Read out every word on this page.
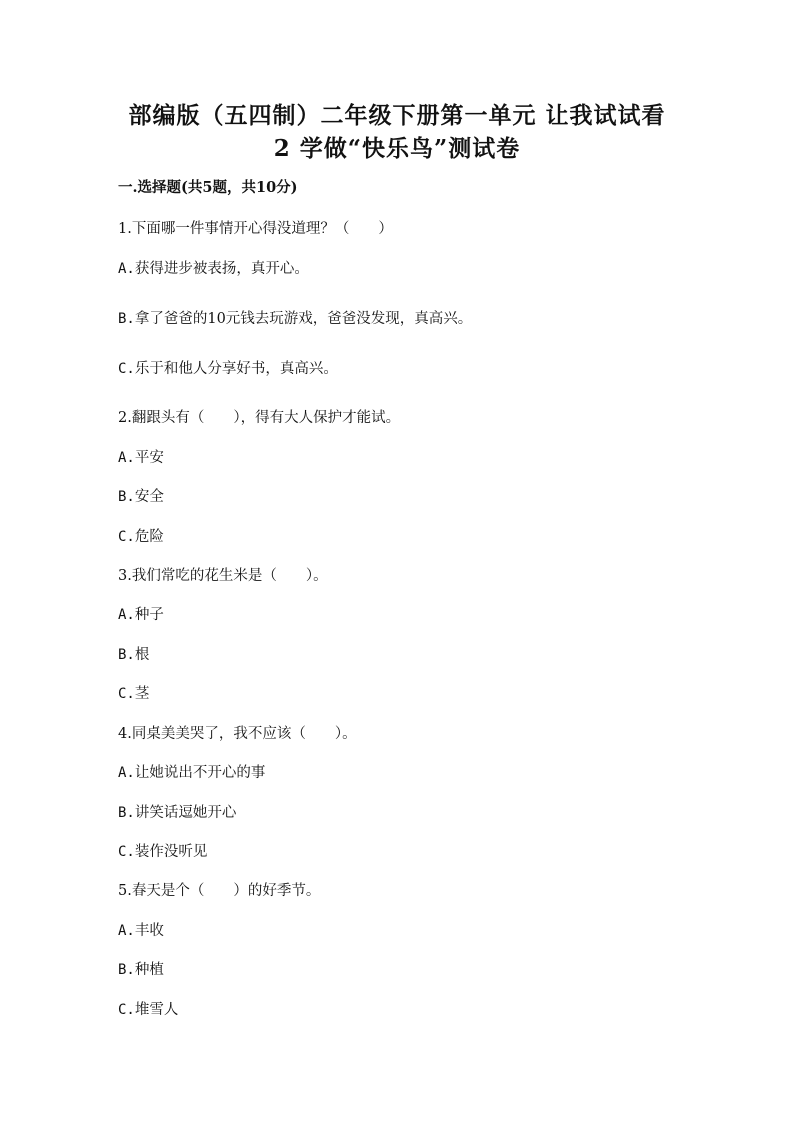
部编版（五四制）二年级下册第一单元 让我试试看
2 学做“快乐鸟”测试卷
一.选择题(共5题，共10分)
1.下面哪一件事情开心得没道理？（　　）
A.获得进步被表扬，真开心。
B.拿了爸爸的10元钱去玩游戏，爸爸没发现，真高兴。
C.乐于和他人分享好书，真高兴。
2.翻跟头有（　　），得有大人保护才能试。
A.平安
B.安全
C.危险
3.我们常吃的花生米是（　　）。
A.种子
B.根
C.茎
4.同桌美美哭了，我不应该（　　）。
A.让她说出不开心的事
B.讲笑话逗她开心
C.装作没听见
5.春天是个（　　）的好季节。
A.丰收
B.种植
C.堆雪人
